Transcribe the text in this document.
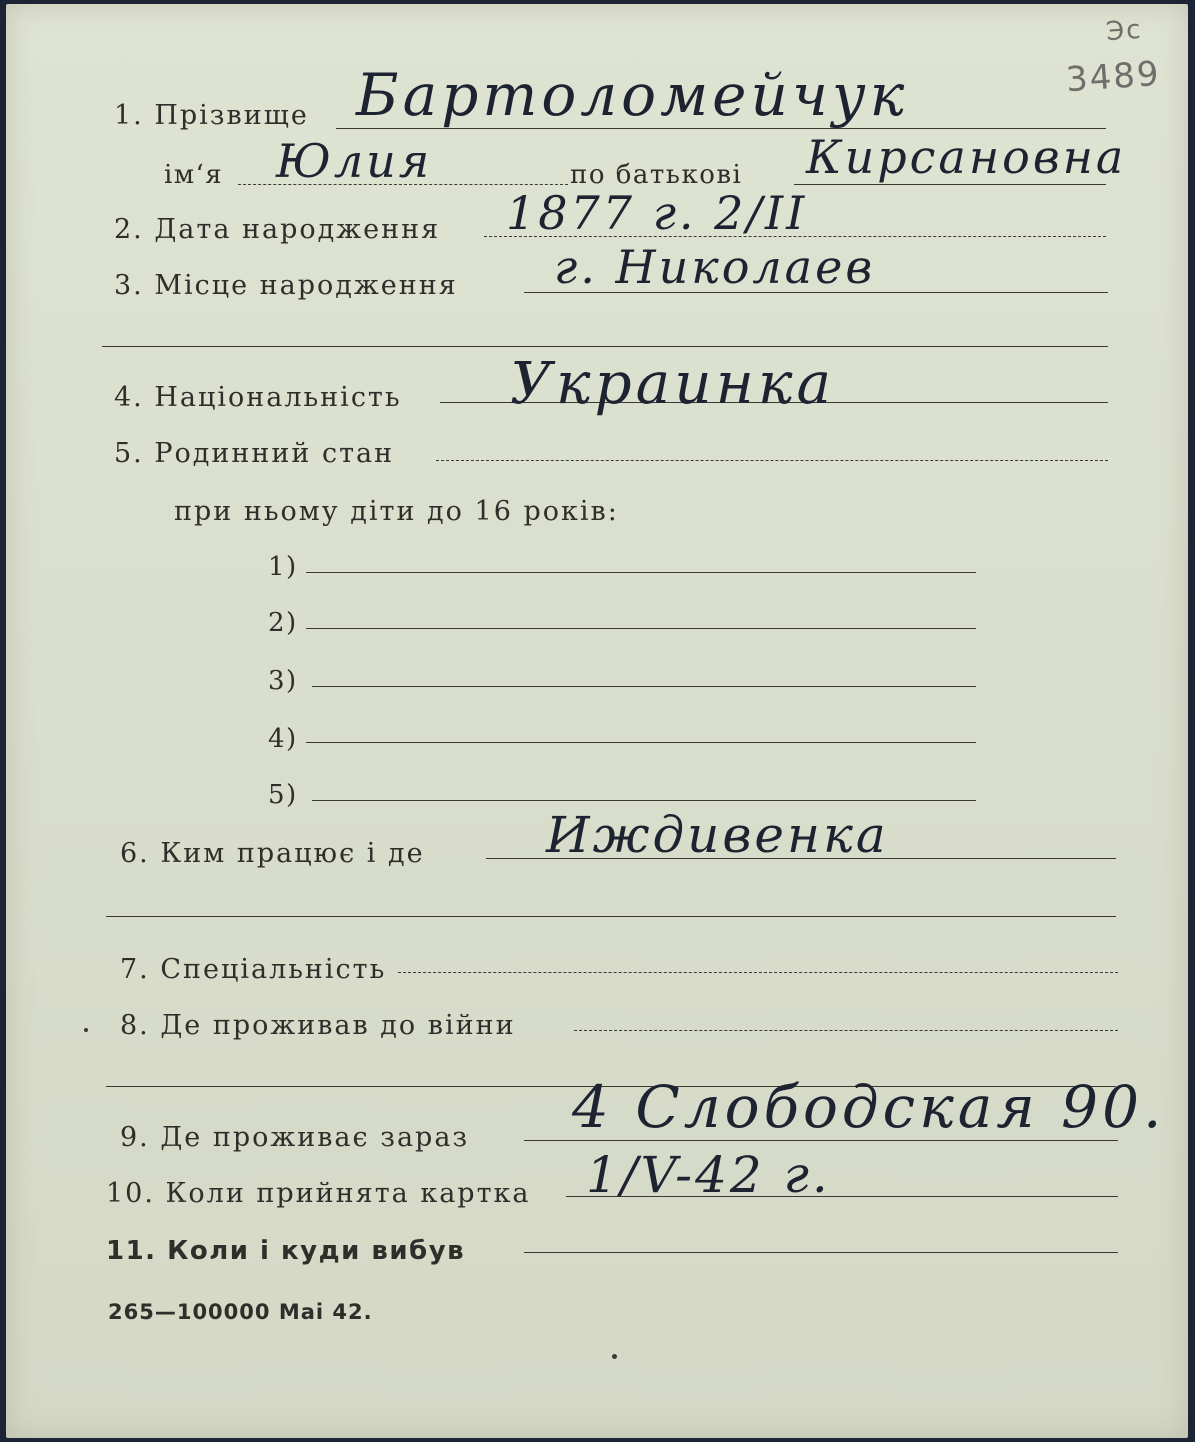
Эс
3489
1. Прізвище Бартоломейчук
ім‘я Юлия	по батькові Кирсановна
2. Дата народження 1877 г. 2/II
3. Місце народження г. Николаев
4. Національність Украинка
5. Родинний стан
при ньому діти до 16 років:
1)
2)
3)
4)
5)
6. Ким працює і де Иждивенка
7. Спеціальність
8. Де проживав до війни
9. Де проживає зараз 4 Слободская 90.
10. Коли прийнята картка 1/V-42 г.
11. Коли і куди вибув
265—100000 Mai 42.
